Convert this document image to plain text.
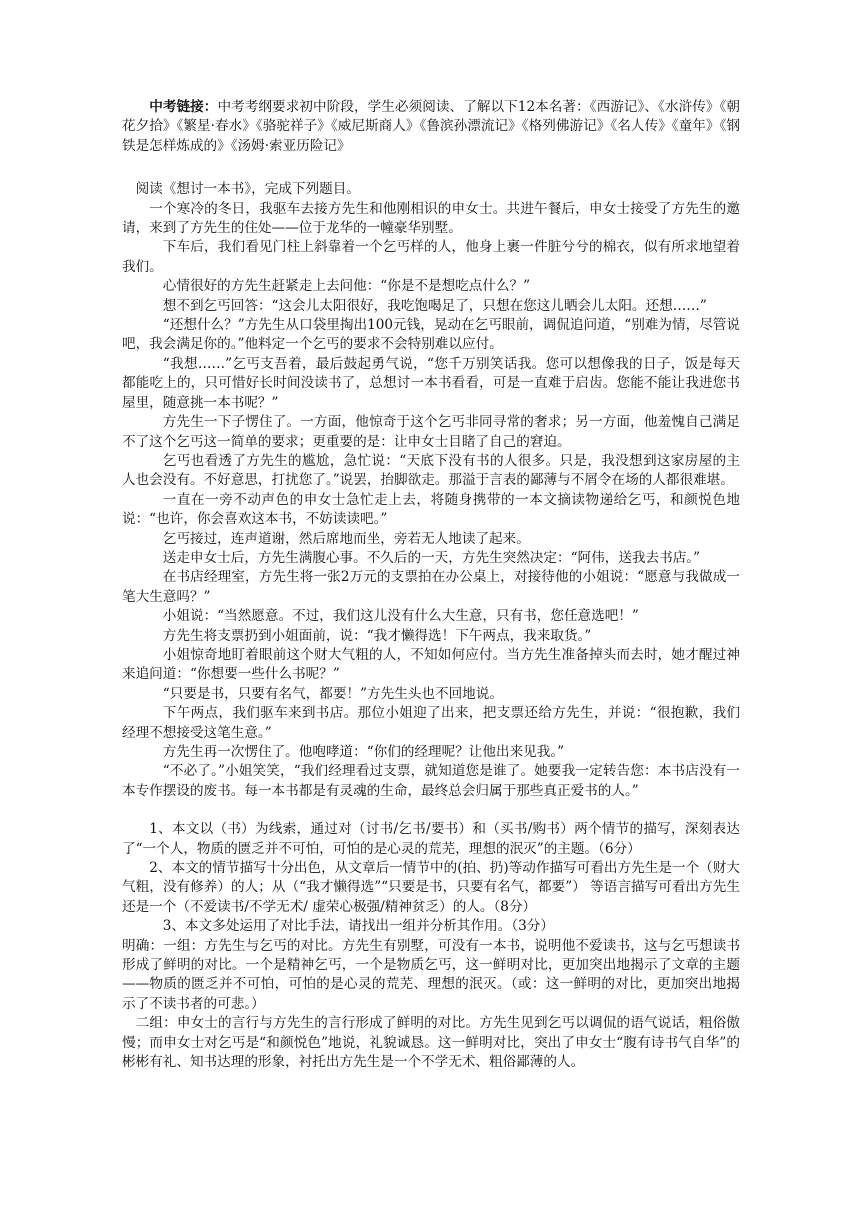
中考链接：中考考纲要求初中阶段，学生必须阅读、了解以下12本名著：《西游记》、《水浒传》《朝花夕拾》《繁星·春水》《骆驼祥子》《威尼斯商人》《鲁滨孙漂流记》《格列佛游记》《名人传》《童年》《钢铁是怎样炼成的》《汤姆·索亚历险记》

阅读《想讨一本书》，完成下列题目。

一个寒冷的冬日，我驱车去接方先生和他刚相识的申女士。共进午餐后，申女士接受了方先生的邀请，来到了方先生的住处——位于龙华的一幢豪华别墅。

下车后，我们看见门柱上斜靠着一个乞丐样的人，他身上裹一件脏兮兮的棉衣，似有所求地望着我们。

心情很好的方先生赶紧走上去问他：“你是不是想吃点什么？”

想不到乞丐回答：“这会儿太阳很好，我吃饱喝足了，只想在您这儿晒会儿太阳。还想……”

“还想什么？”方先生从口袋里掏出100元钱，晃动在乞丐眼前，调侃追问道，“别难为情，尽管说吧，我会满足你的。”他料定一个乞丐的要求不会特别难以应付。

“我想……”乞丐支吾着，最后鼓起勇气说，“您千万别笑话我。您可以想像我的日子，饭是每天都能吃上的，只可惜好长时间没读书了，总想讨一本书看看，可是一直难于启齿。您能不能让我进您书屋里，随意挑一本书呢？”

方先生一下子愣住了。一方面，他惊奇于这个乞丐非同寻常的奢求；另一方面，他羞愧自己满足不了这个乞丐这一简单的要求；更重要的是：让申女士目睹了自己的窘迫。

乞丐也看透了方先生的尴尬，急忙说：“天底下没有书的人很多。只是，我没想到这家房屋的主人也会没有。不好意思，打扰您了。”说罢，抬脚欲走。那溢于言表的鄙薄与不屑令在场的人都很难堪。

一直在一旁不动声色的申女士急忙走上去，将随身携带的一本文摘读物递给乞丐，和颜悦色地说：“也许，你会喜欢这本书，不妨读读吧。”

乞丐接过，连声道谢，然后席地而坐，旁若无人地读了起来。

送走申女士后，方先生满腹心事。不久后的一天，方先生突然决定：“阿伟，送我去书店。”

在书店经理室，方先生将一张2万元的支票拍在办公桌上，对接待他的小姐说：“愿意与我做成一笔大生意吗？”

小姐说：“当然愿意。不过，我们这儿没有什么大生意，只有书，您任意选吧！”

方先生将支票扔到小姐面前，说：“我才懒得选！下午两点，我来取货。”

小姐惊奇地盯着眼前这个财大气粗的人，不知如何应付。当方先生准备掉头而去时，她才醒过神来追问道：“你想要一些什么书呢？”

“只要是书，只要有名气，都要！”方先生头也不回地说。

下午两点，我们驱车来到书店。那位小姐迎了出来，把支票还给方先生，并说：“很抱歉，我们经理不想接受这笔生意。”

方先生再一次愣住了。他咆哮道：“你们的经理呢？让他出来见我。”

“不必了。”小姐笑笑，“我们经理看过支票，就知道您是谁了。她要我一定转告您：本书店没有一本专作摆设的废书。每一本书都是有灵魂的生命，最终总会归属于那些真正爱书的人。”

1、本文以（书）为线索，通过对（讨书/乞书/要书）和（买书/购书）两个情节的描写，深刻表达了“一个人，物质的匮乏并不可怕，可怕的是心灵的荒芜，理想的泯灭”的主题。（6分）

2、本文的情节描写十分出色，从文章后一情节中的(拍、扔)等动作描写可看出方先生是一个（财大气粗，没有修养）的人；从（“我才懒得选”“只要是书，只要有名气，都要”） 等语言描写可看出方先生还是一个（不爱读书/不学无术/ 虚荣心极强/精神贫乏）的人。（8分）

3、本文多处运用了对比手法，请找出一组并分析其作用。（3分）

明确：一组：方先生与乞丐的对比。方先生有别墅，可没有一本书，说明他不爱读书，这与乞丐想读书形成了鲜明的对比。一个是精神乞丐，一个是物质乞丐，这一鲜明对比，更加突出地揭示了文章的主题——物质的匮乏并不可怕，可怕的是心灵的荒芜、理想的泯灭。（或：这一鲜明的对比，更加突出地揭示了不读书者的可悲。）

二组：申女士的言行与方先生的言行形成了鲜明的对比。方先生见到乞丐以调侃的语气说话，粗俗傲慢；而申女士对乞丐是“和颜悦色”地说，礼貌诚恳。这一鲜明对比，突出了申女士“腹有诗书气自华”的彬彬有礼、知书达理的形象，衬托出方先生是一个不学无术、粗俗鄙薄的人。
